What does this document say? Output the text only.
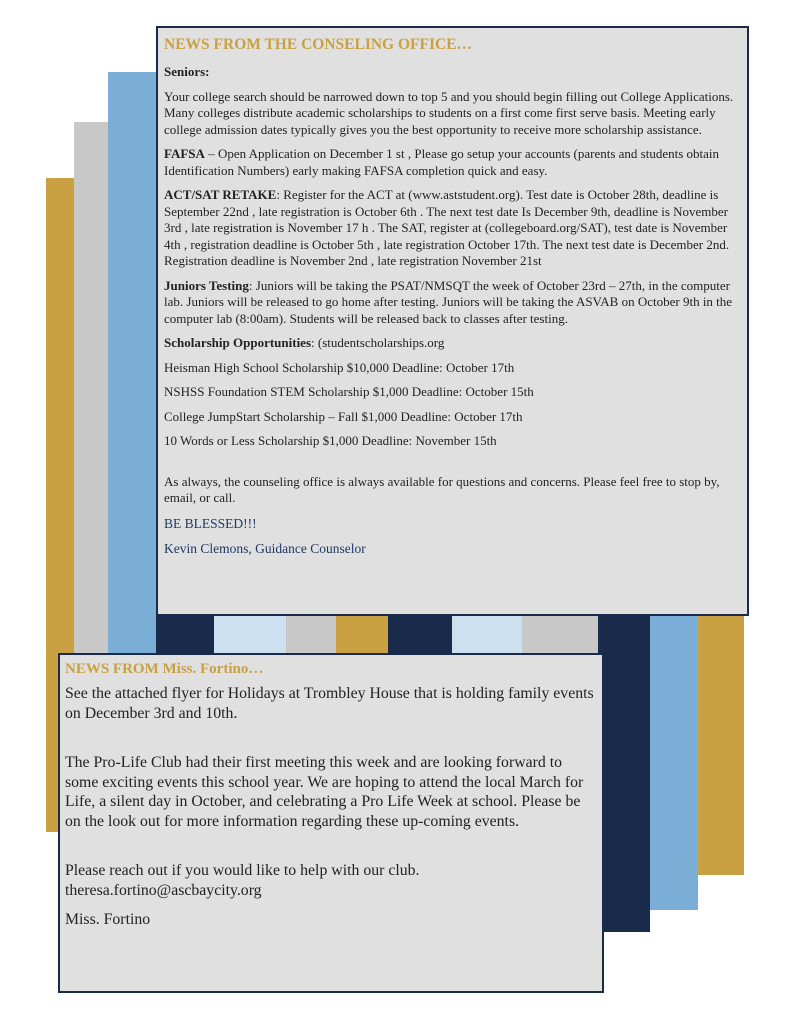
NEWS FROM THE CONSELING OFFICE…

Seniors:

Your college search should be narrowed down to top 5 and you should begin filling out College Applications. Many colleges distribute academic scholarships to students on a first come first serve basis. Meeting early college admission dates typically gives you the best opportunity to receive more scholarship assistance.

FAFSA – Open Application on December 1 st , Please go setup your accounts (parents and students obtain Identification Numbers) early making FAFSA completion quick and easy.

ACT/SAT RETAKE: Register for the ACT at (www.aststudent.org). Test date is October 28th, deadline is September 22nd , late registration is October 6th . The next test date Is December 9th, deadline is November 3rd , late registration is November 17 h . The SAT, register at (collegeboard.org/SAT), test date is November 4th , registration deadline is October 5th , late registration October 17th. The next test date is December 2nd. Registration deadline is November 2nd , late registration November 21st

Juniors Testing: Juniors will be taking the PSAT/NMSQT the week of October 23rd – 27th, in the computer lab. Juniors will be released to go home after testing. Juniors will be taking the ASVAB on October 9th in the computer lab (8:00am). Students will be released back to classes after testing.

Scholarship Opportunities: (studentscholarships.org

Heisman High School Scholarship $10,000 Deadline: October 17th

NSHSS Foundation STEM Scholarship $1,000 Deadline: October 15th

College JumpStart Scholarship – Fall $1,000 Deadline: October 17th

10 Words or Less Scholarship $1,000 Deadline: November 15th

As always, the counseling office is always available for questions and concerns. Please feel free to stop by, email, or call.

BE BLESSED!!!

Kevin Clemons, Guidance Counselor

NEWS FROM Miss. Fortino…

See the attached flyer for Holidays at Trombley House that is holding family events on December 3rd and 10th.

The Pro-Life Club had their first meeting this week and are looking forward to some exciting events this school year. We are hoping to attend the local March for Life, a silent day in October, and celebrating a Pro Life Week at school. Please be on the look out for more information regarding these up-coming events.

Please reach out if you would like to help with our club.
theresa.fortino@ascbaycity.org

Miss. Fortino
